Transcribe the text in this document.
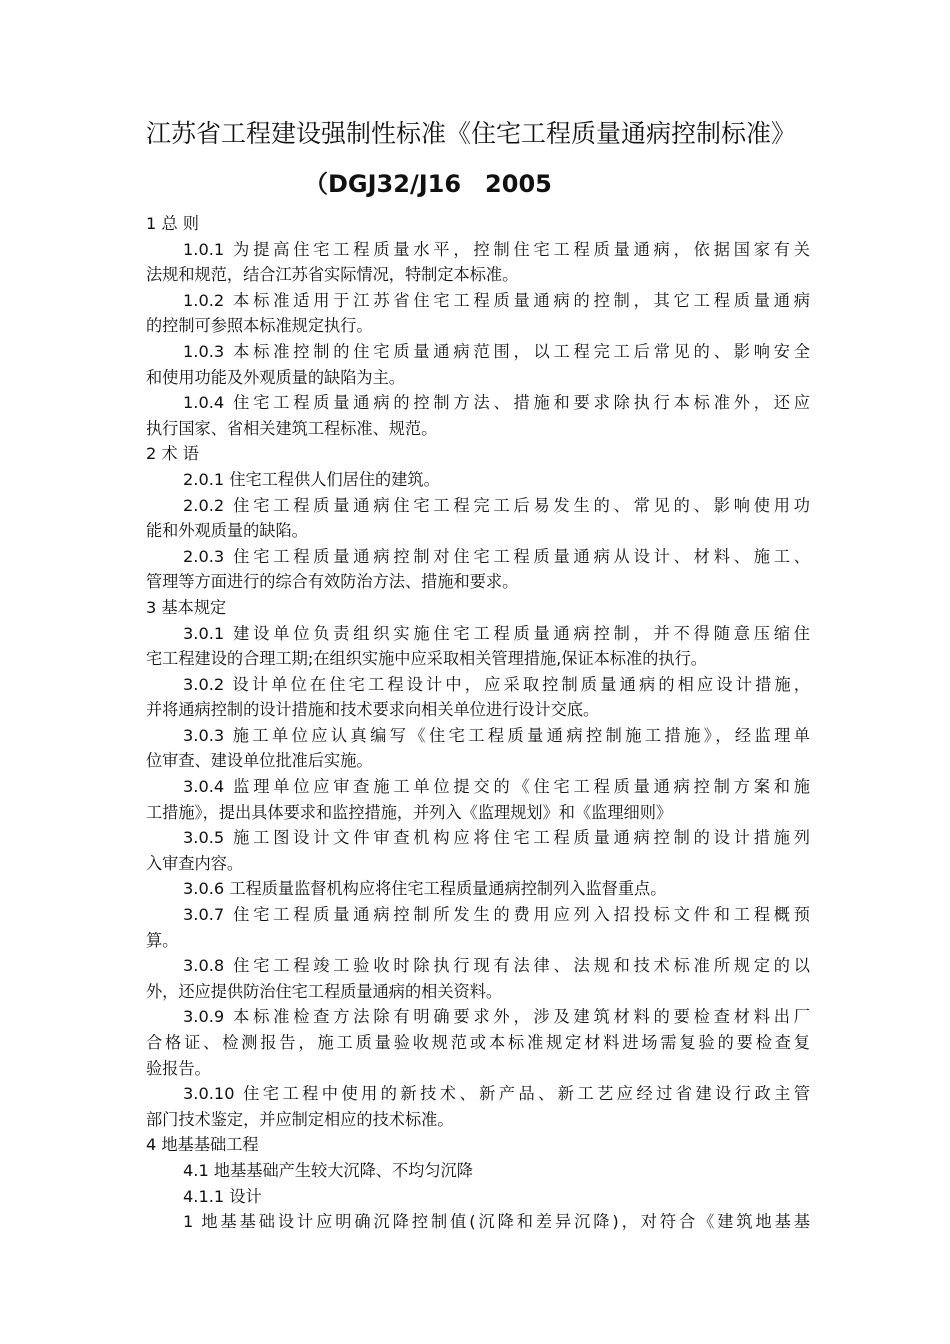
江苏省工程建设强制性标准《住宅工程质量通病控制标准》
（DGJ32/J16　2005
1 总 则
1.0.1 为提高住宅工程质量水平，控制住宅工程质量通病，依据国家有关
法规和规范，结合江苏省实际情况，特制定本标准。
1.0.2 本标准适用于江苏省住宅工程质量通病的控制，其它工程质量通病
的控制可参照本标准规定执行。
1.0.3 本标准控制的住宅质量通病范围，以工程完工后常见的、影响安全
和使用功能及外观质量的缺陷为主。
1.0.4 住宅工程质量通病的控制方法、措施和要求除执行本标准外，还应
执行国家、省相关建筑工程标准、规范。
2 术 语
2.0.1 住宅工程供人们居住的建筑。
2.0.2 住宅工程质量通病住宅工程完工后易发生的、常见的、影响使用功
能和外观质量的缺陷。
2.0.3 住宅工程质量通病控制对住宅工程质量通病从设计、材料、施工、
管理等方面进行的综合有效防治方法、措施和要求。
3 基本规定
3.0.1 建设单位负责组织实施住宅工程质量通病控制，并不得随意压缩住
宅工程建设的合理工期;在组织实施中应采取相关管理措施,保证本标准的执行。
3.0.2 设计单位在住宅工程设计中，应采取控制质量通病的相应设计措施，
并将通病控制的设计措施和技术要求向相关单位进行设计交底。
3.0.3 施工单位应认真编写《住宅工程质量通病控制施工措施》，经监理单
位审查、建设单位批准后实施。
3.0.4 监理单位应审查施工单位提交的《住宅工程质量通病控制方案和施
工措施》，提出具体要求和监控措施，并列入《监理规划》和《监理细则》
3.0.5 施工图设计文件审查机构应将住宅工程质量通病控制的设计措施列
入审查内容。
3.0.6 工程质量监督机构应将住宅工程质量通病控制列入监督重点。
3.0.7 住宅工程质量通病控制所发生的费用应列入招投标文件和工程概预
算。
3.0.8 住宅工程竣工验收时除执行现有法律、法规和技术标准所规定的以
外，还应提供防治住宅工程质量通病的相关资料。
3.0.9 本标准检查方法除有明确要求外，涉及建筑材料的要检查材料出厂
合格证、检测报告，施工质量验收规范或本标准规定材料进场需复验的要检查复
验报告。
3.0.10 住宅工程中使用的新技术、新产品、新工艺应经过省建设行政主管
部门技术鉴定，并应制定相应的技术标准。
4 地基基础工程
4.1 地基基础产生较大沉降、不均匀沉降
4.1.1 设计
1 地基基础设计应明确沉降控制值(沉降和差异沉降)，对符合《建筑地基基
